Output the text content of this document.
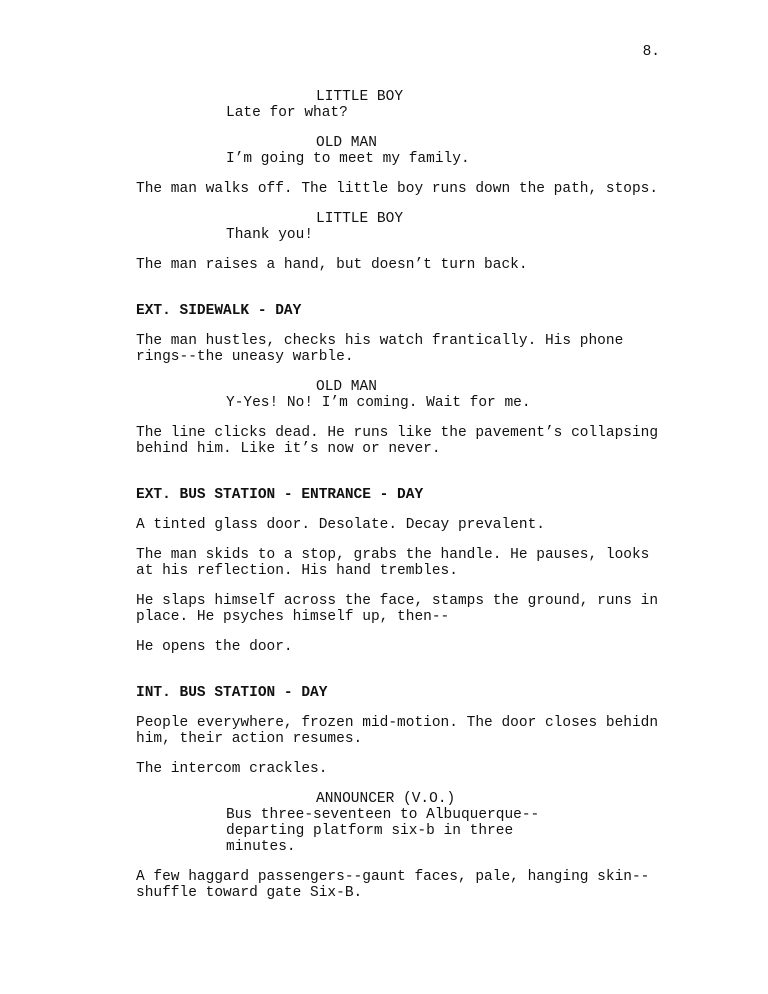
8.
LITTLE BOY
Late for what?
OLD MAN
I’m going to meet my family.
The man walks off. The little boy runs down the path, stops.
LITTLE BOY
Thank you!
The man raises a hand, but doesn’t turn back.
EXT. SIDEWALK - DAY
The man hustles, checks his watch frantically. His phone
rings--the uneasy warble.
OLD MAN
Y-Yes! No! I’m coming. Wait for me.
The line clicks dead. He runs like the pavement’s collapsing
behind him. Like it’s now or never.
EXT. BUS STATION - ENTRANCE - DAY
A tinted glass door. Desolate. Decay prevalent.
The man skids to a stop, grabs the handle. He pauses, looks
at his reflection. His hand trembles.
He slaps himself across the face, stamps the ground, runs in
place. He psyches himself up, then--
He opens the door.
INT. BUS STATION - DAY
People everywhere, frozen mid-motion. The door closes behidn
him, their action resumes.
The intercom crackles.
ANNOUNCER (V.O.)
Bus three-seventeen to Albuquerque--
departing platform six-b in three
minutes.
A few haggard passengers--gaunt faces, pale, hanging skin--
shuffle toward gate Six-B.
